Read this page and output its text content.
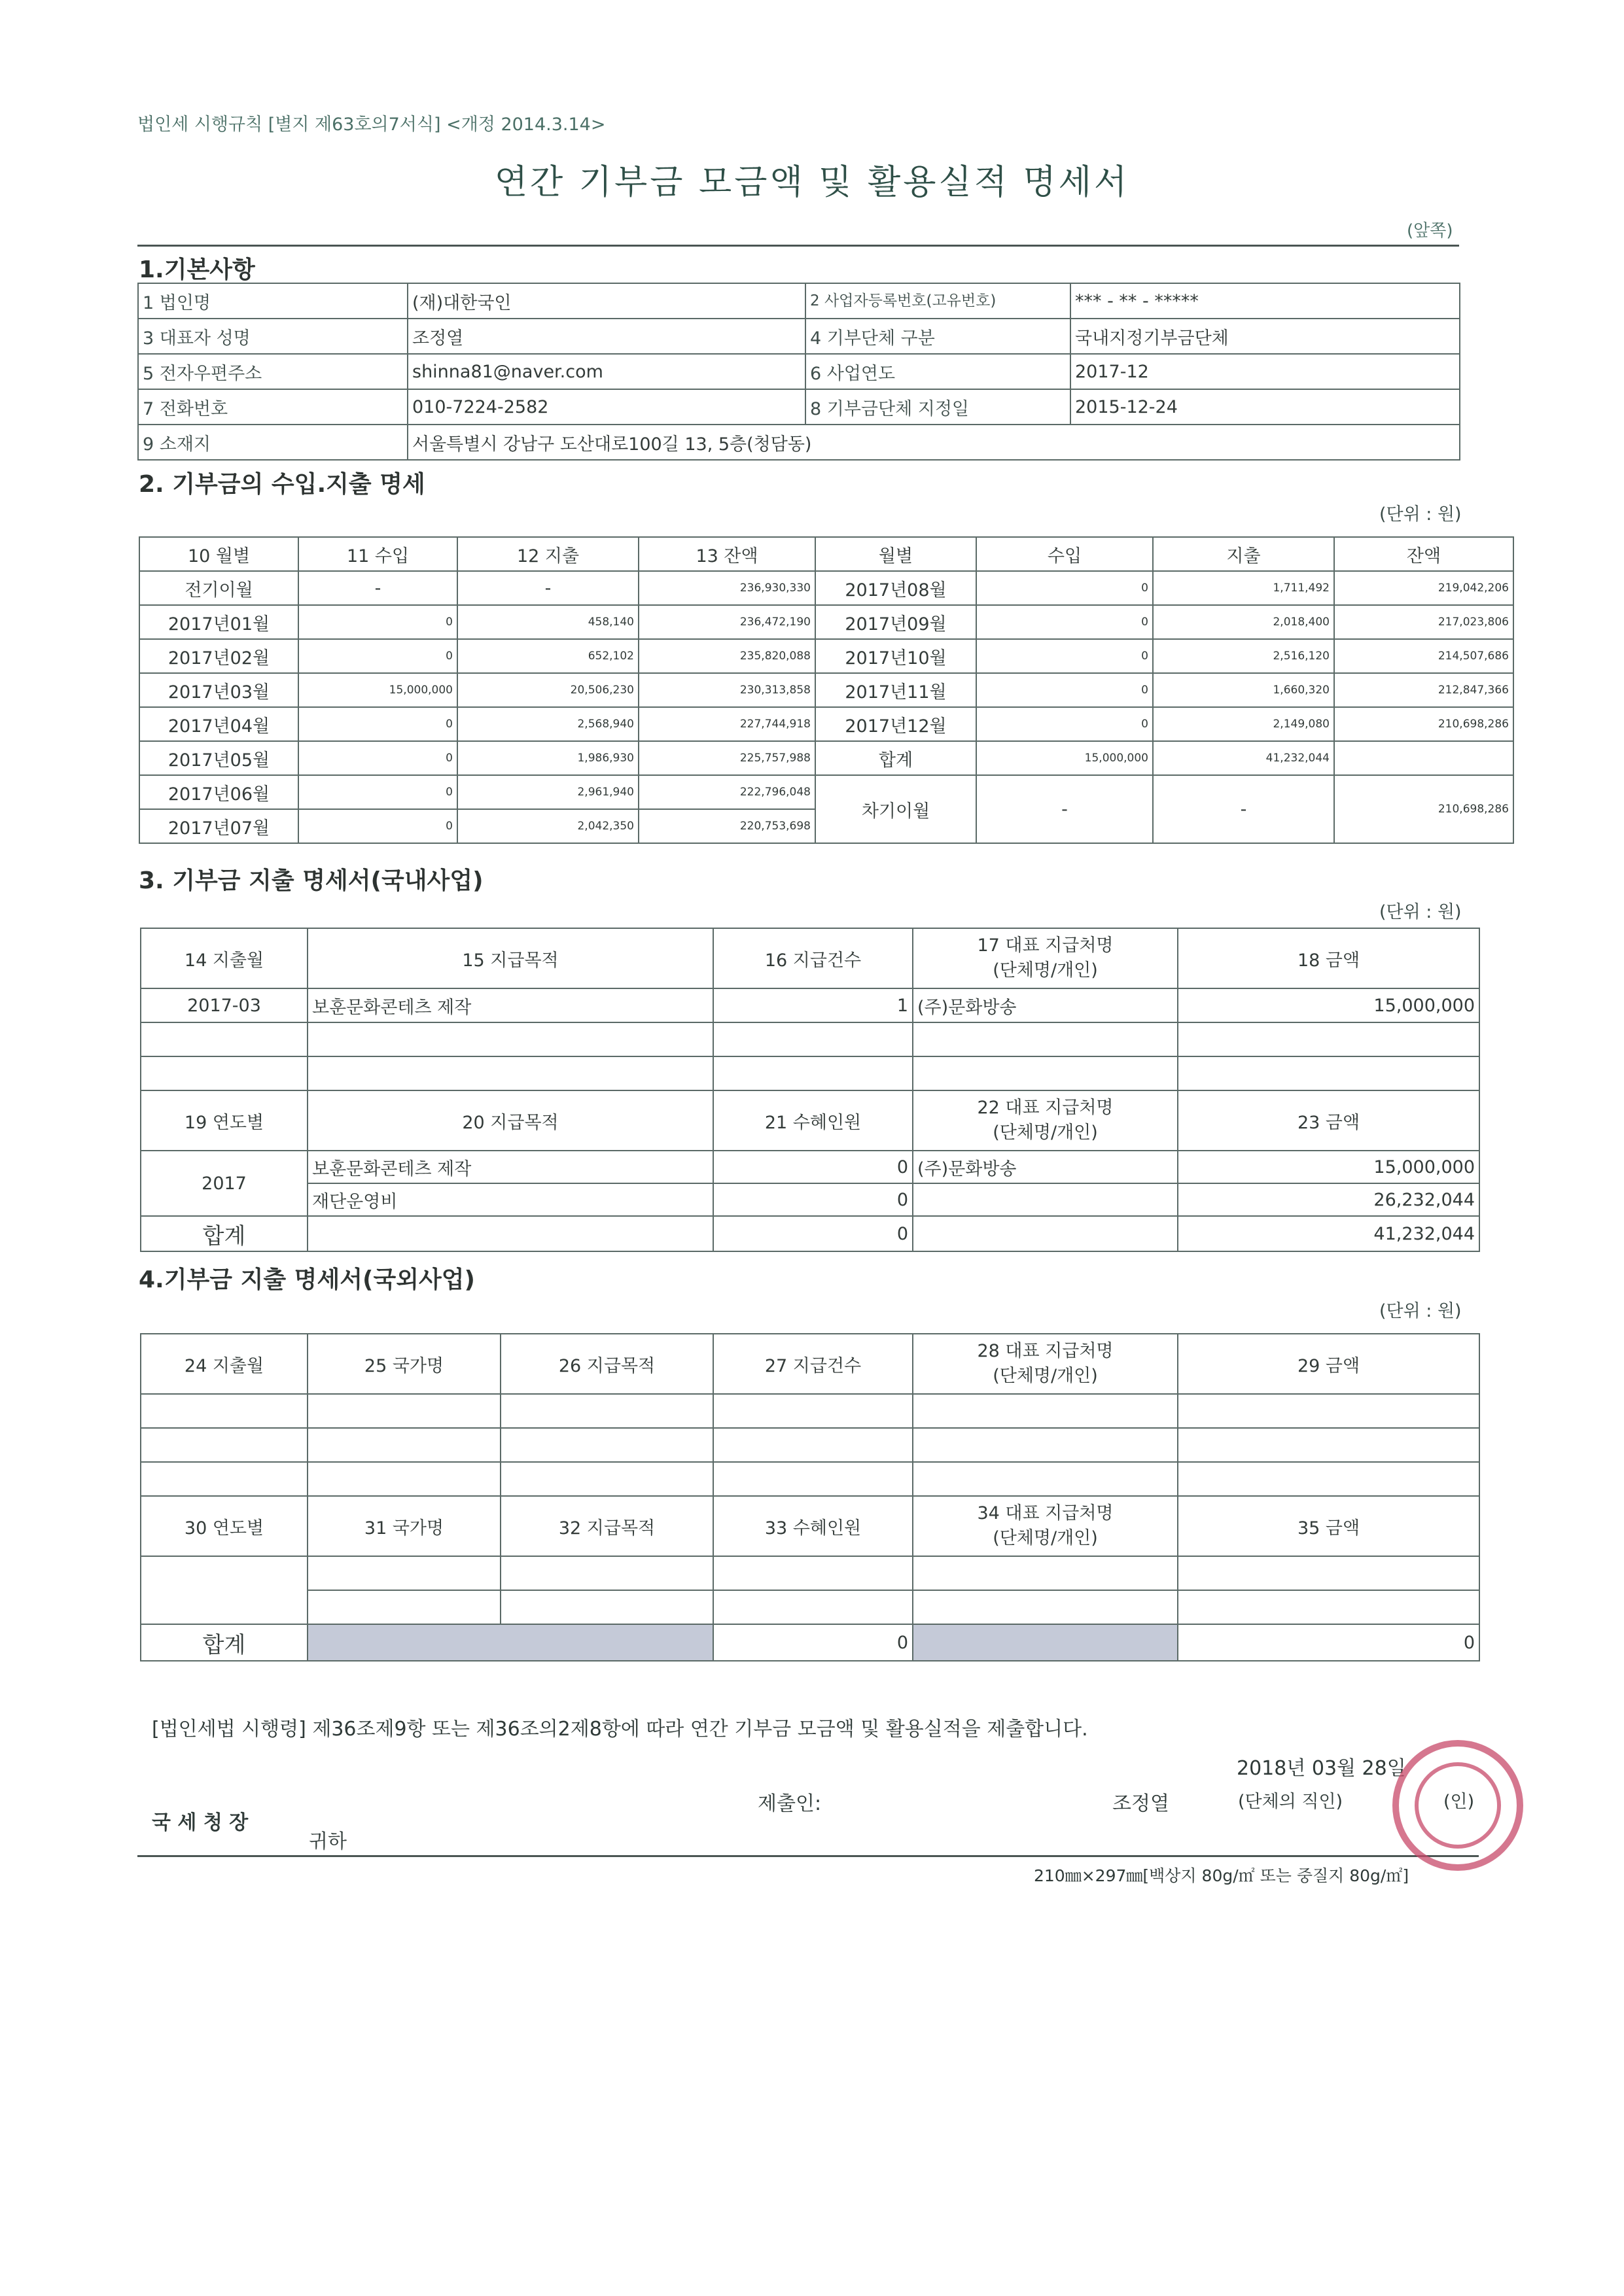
법인세 시행규칙 [별지 제63호의7서식] <개정 2014.3.14>
연간 기부금 모금액 및 활용실적 명세서
(앞쪽)
1.기본사항
1 법인명	(재)대한국인	2 사업자등록번호(고유번호)	*** - ** - *****
3 대표자 성명	조정열	4 기부단체 구분	국내지정기부금단체
5 전자우편주소	shinna81@naver.com	6 사업연도	2017-12
7 전화번호	010-7224-2582	8 기부금단체 지정일	2015-12-24
9 소재지	서울특별시 강남구 도산대로100길 13, 5층(청담동)		
2. 기부금의 수입.지출 명세
(단위 : 원)
10 월별	11 수입	12 지출	13 잔액	월별	수입	지출	잔액
전기이월	-	-	236,930,330	2017년08월	0	1,711,492	219,042,206
2017년01월	0	458,140	236,472,190	2017년09월	0	2,018,400	217,023,806
2017년02월	0	652,102	235,820,088	2017년10월	0	2,516,120	214,507,686
2017년03월	15,000,000	20,506,230	230,313,858	2017년11월	0	1,660,320	212,847,366
2017년04월	0	2,568,940	227,744,918	2017년12월	0	2,149,080	210,698,286
2017년05월	0	1,986,930	225,757,988	합계	15,000,000	41,232,044	
2017년06월	0	2,961,940	222,796,048	차기이월	-	-	210,698,286
2017년07월	0	2,042,350	220,753,698				
3. 기부금 지출 명세서(국내사업)
(단위 : 원)
14 지출월	15 지급목적	16 지급건수	17 대표 지급처명
(단체명/개인)	18 금액
2017-03	보훈문화콘테츠 제작	1	(주)문화방송	15,000,000

19 연도별	20 지급목적	21 수혜인원	22 대표 지급처명
(단체명/개인)	23 금액
2017	보훈문화콘테츠 제작	0	(주)문화방송	15,000,000
	재단운영비	0		26,232,044
합계		0		41,232,044
4.기부금 지출 명세서(국외사업)
(단위 : 원)
24 지출월	25 국가명	26 지급목적	27 지급건수	28 대표 지급처명
(단체명/개인)	29 금액

30 연도별	31 국가명	32 지급목적	33 수혜인원	34 대표 지급처명
(단체명/개인)	35 금액

합계			0		0
[법인세법 시행령] 제36조제9항 또는 제36조의2제8항에 따라 연간 기부금 모금액 및 활용실적을 제출합니다.
2018년 03월 28일
제출인:	조정열	(단체의 직인)	(인)
국 세 청 장
귀하
210㎜×297㎜[백상지 80g/㎡ 또는 중질지 80g/㎡]
